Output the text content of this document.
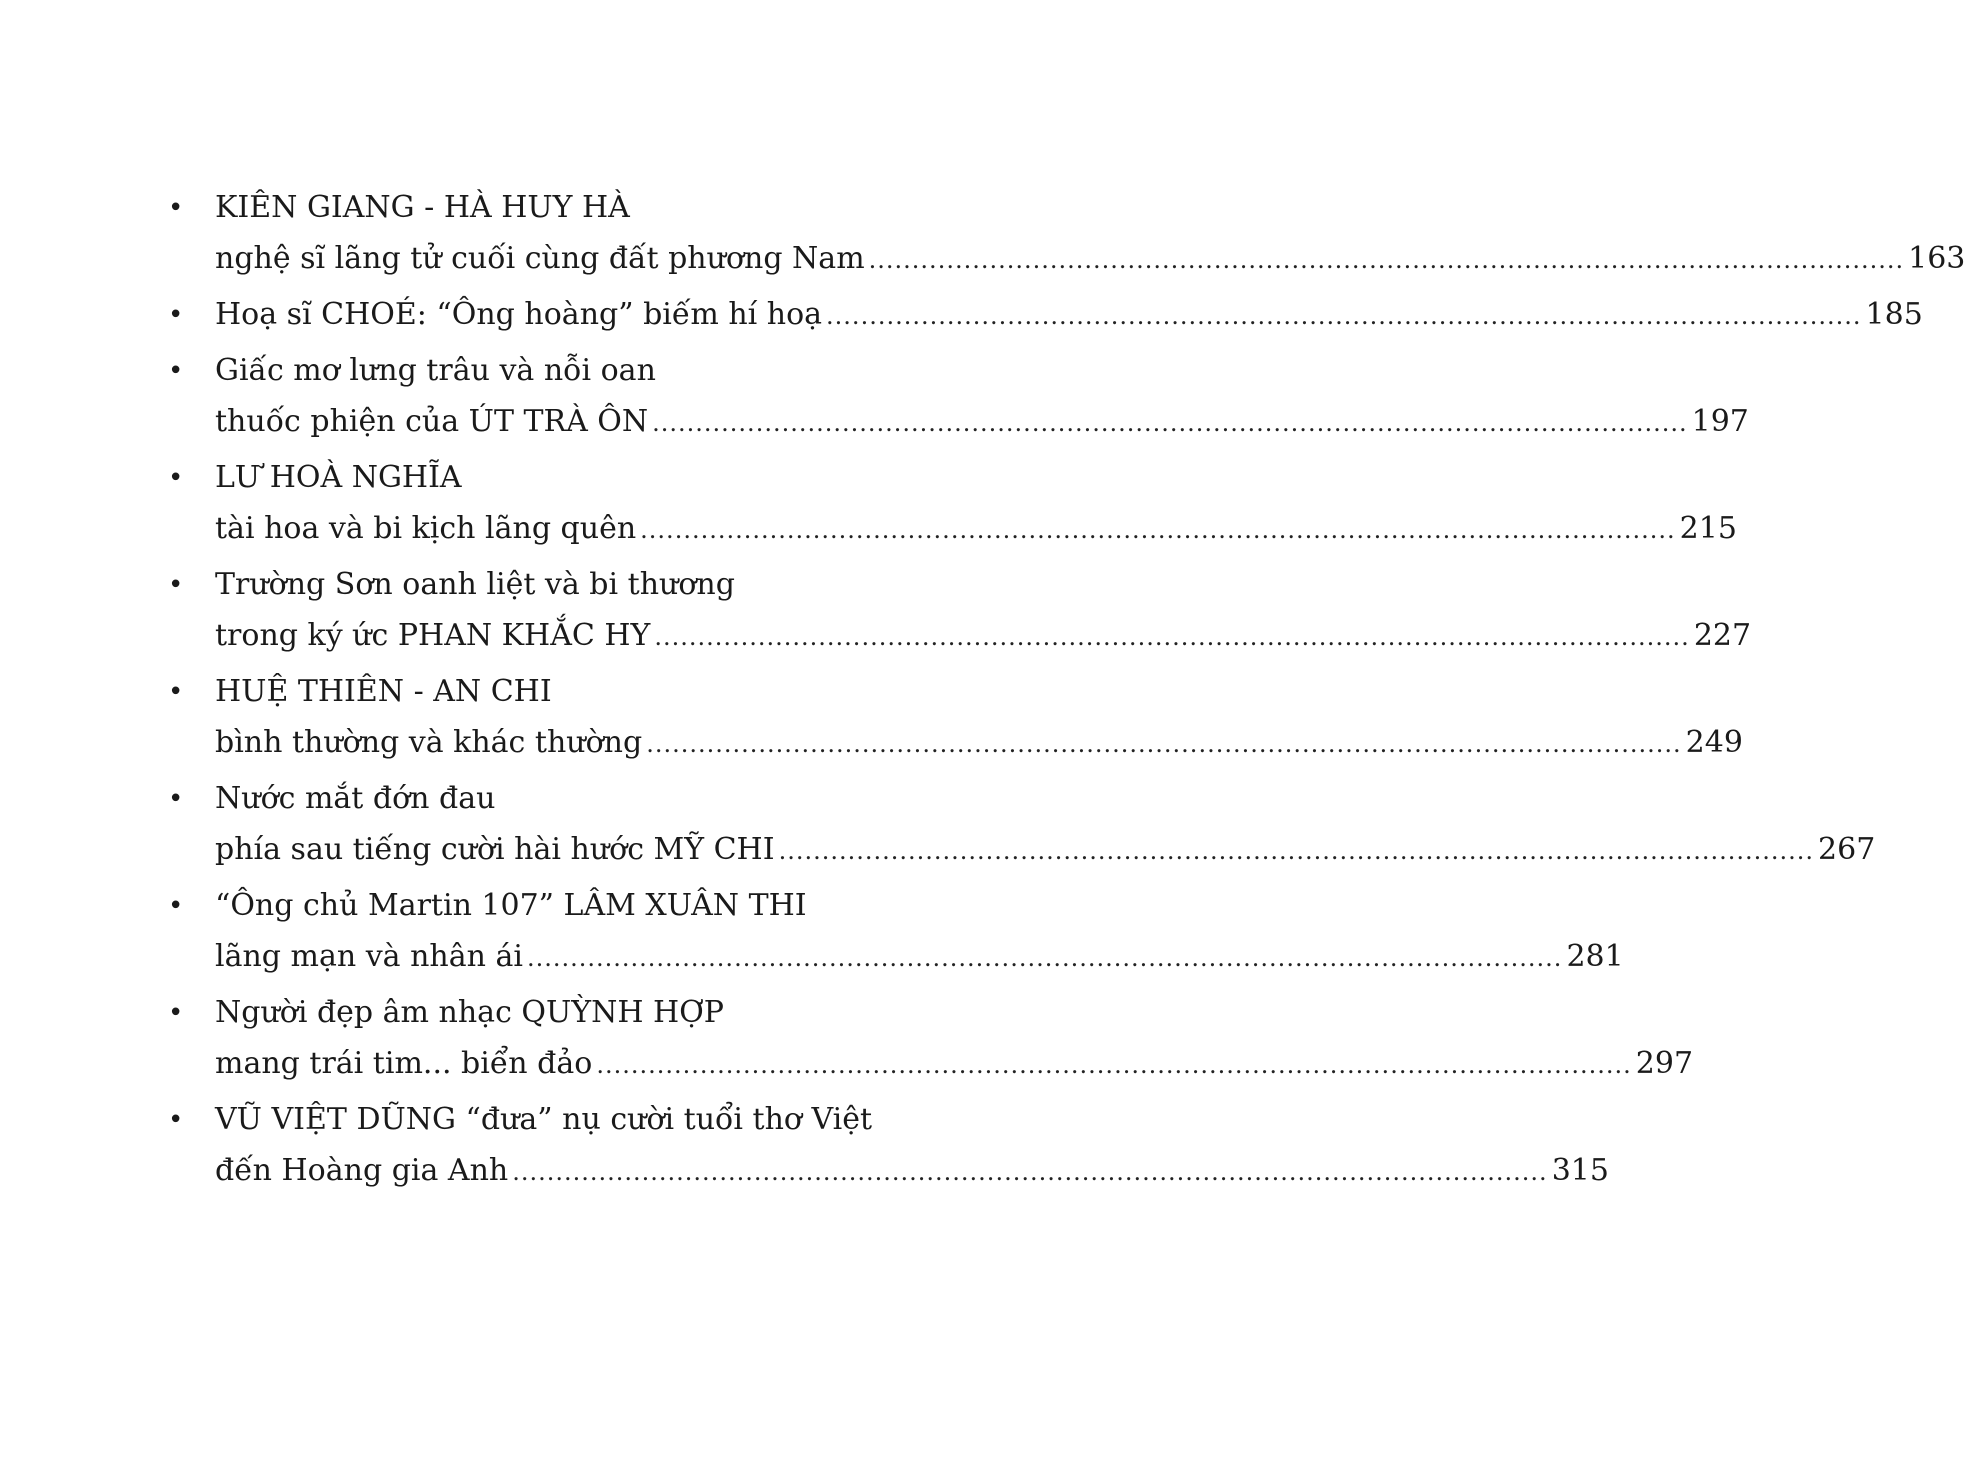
• KIÊN GIANG - HÀ HUY HÀ
nghệ sĩ lãng tử cuối cùng đất phương Nam ........................................................................................................................ 163
• Hoạ sĩ CHOÉ: “Ông hoàng” biếm hí hoạ ........................................................................................................................ 185
• Giấc mơ lưng trâu và nỗi oan
thuốc phiện của ÚT TRÀ ÔN ........................................................................................................................ 197
• LƯ HOÀ NGHĨA
tài hoa và bi kịch lãng quên ........................................................................................................................ 215
• Trường Sơn oanh liệt và bi thương
trong ký ức PHAN KHẮC HY ........................................................................................................................ 227
• HUỆ THIÊN - AN CHI
bình thường và khác thường ........................................................................................................................ 249
• Nước mắt đớn đau
phía sau tiếng cười hài hước MỸ CHI ........................................................................................................................ 267
• “Ông chủ Martin 107” LÂM XUÂN THI
lãng mạn và nhân ái ........................................................................................................................ 281
• Người đẹp âm nhạc QUỲNH HỢP
mang trái tim... biển đảo ........................................................................................................................ 297
• VŨ VIỆT DŨNG “đưa” nụ cười tuổi thơ Việt
đến Hoàng gia Anh ........................................................................................................................ 315
